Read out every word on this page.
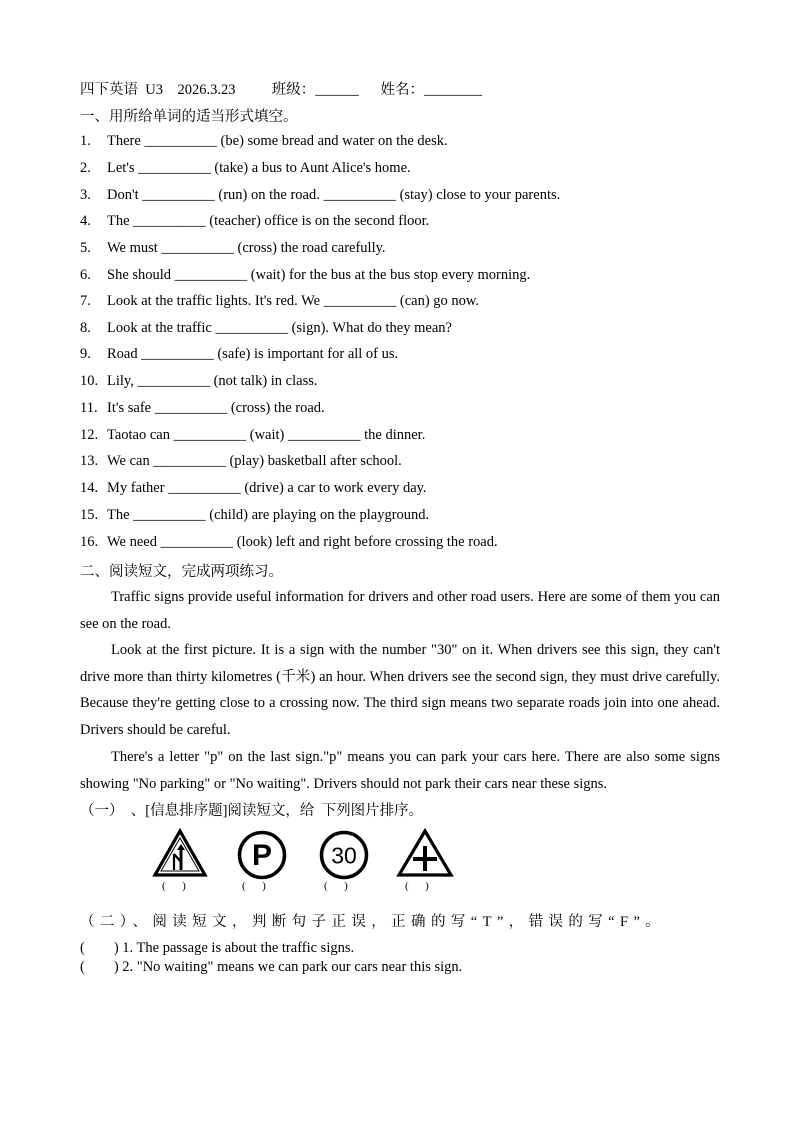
四下英语 U3 2026.3.23	班级：______ 姓名：________
一、用所给单词的适当形式填空。
1. There __________ (be) some bread and water on the desk.
2. Let's __________ (take) a bus to Aunt Alice's home.
3. Don't __________ (run) on the road. __________ (stay) close to your parents.
4. The __________ (teacher) office is on the second floor.
5. We must __________ (cross) the road carefully.
6. She should __________ (wait) for the bus at the bus stop every morning.
7. Look at the traffic lights. It's red. We __________ (can) go now.
8. Look at the traffic __________ (sign). What do they mean?
9. Road __________ (safe) is important for all of us.
10. Lily, __________ (not talk) in class.
11. It's safe __________ (cross) the road.
12. Taotao can __________ (wait) __________ the dinner.
13. We can __________ (play) basketball after school.
14. My father __________ (drive) a car to work every day.
15. The __________ (child) are playing on the playground.
16. We need __________ (look) left and right before crossing the road.
二、阅读短文，完成两项练习。
Traffic signs provide useful information for drivers and other road users. Here are some of them you can see on the road.
Look at the first picture. It is a sign with the number "30" on it. When drivers see this sign, they can't drive more than thirty kilometres (千米) an hour. When drivers see the second sign, they must drive carefully. Because they're getting close to a crossing now. The third sign means two separate roads join into one ahead. Drivers should be careful.
There's a letter "p" on the last sign."p" means you can park your cars here. There are also some signs showing "No parking" or "No waiting". Drivers should not park their cars near these signs.
（一）  、[信息排序题]阅读短文，给  下列图片排序。
P	30
(      )	(      )	(      )	(      )
（二）、阅读短文，判断句子正误，正确的写“T”，错误的写“F”。
(        ) 1. The passage is about the traffic signs.
(        ) 2. "No waiting" means we can park our cars near this sign.
